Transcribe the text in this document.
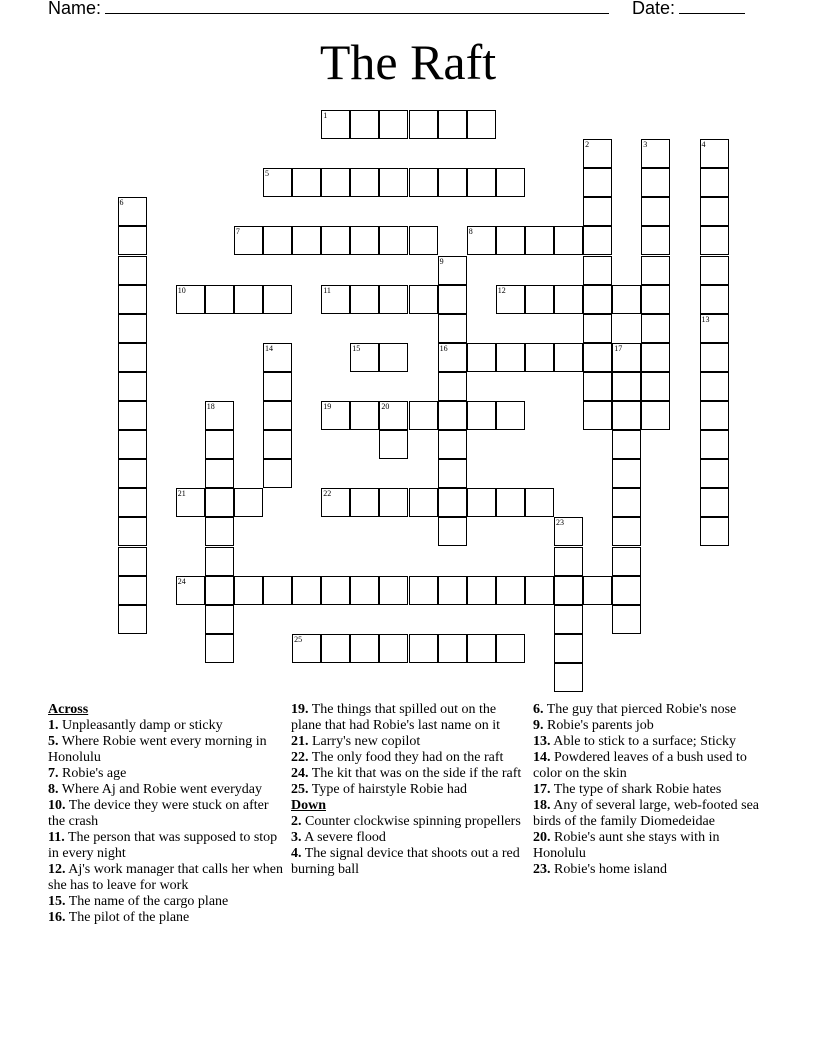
Name:	Date:
The Raft
1
5
7	8
10	11	12
15	16
19	20
21	22
24
25
2	3	4
6
9
13
14	17
18
23
Across
1. Unpleasantly damp or sticky
5. Where Robie went every morning in Honolulu
7. Robie's age
8. Where Aj and Robie went everyday
10. The device they were stuck on after the crash
11. The person that was supposed to stop in every night
12. Aj's work manager that calls her when she has to leave for work
15. The name of the cargo plane
16. The pilot of the plane
19. The things that spilled out on the plane that had Robie's last name on it
21. Larry's new copilot
22. The only food they had on the raft
24. The kit that was on the side if the raft
25. Type of hairstyle Robie had
Down
2. Counter clockwise spinning propellers
3. A severe flood
4. The signal device that shoots out a red burning ball
6. The guy that pierced Robie's nose
9. Robie's parents job
13. Able to stick to a surface; Sticky
14. Powdered leaves of a bush used to color on the skin
17. The type of shark Robie hates
18. Any of several large, web-footed sea birds of the family Diomedeidae
20. Robie's aunt she stays with in Honolulu
23. Robie's home island
